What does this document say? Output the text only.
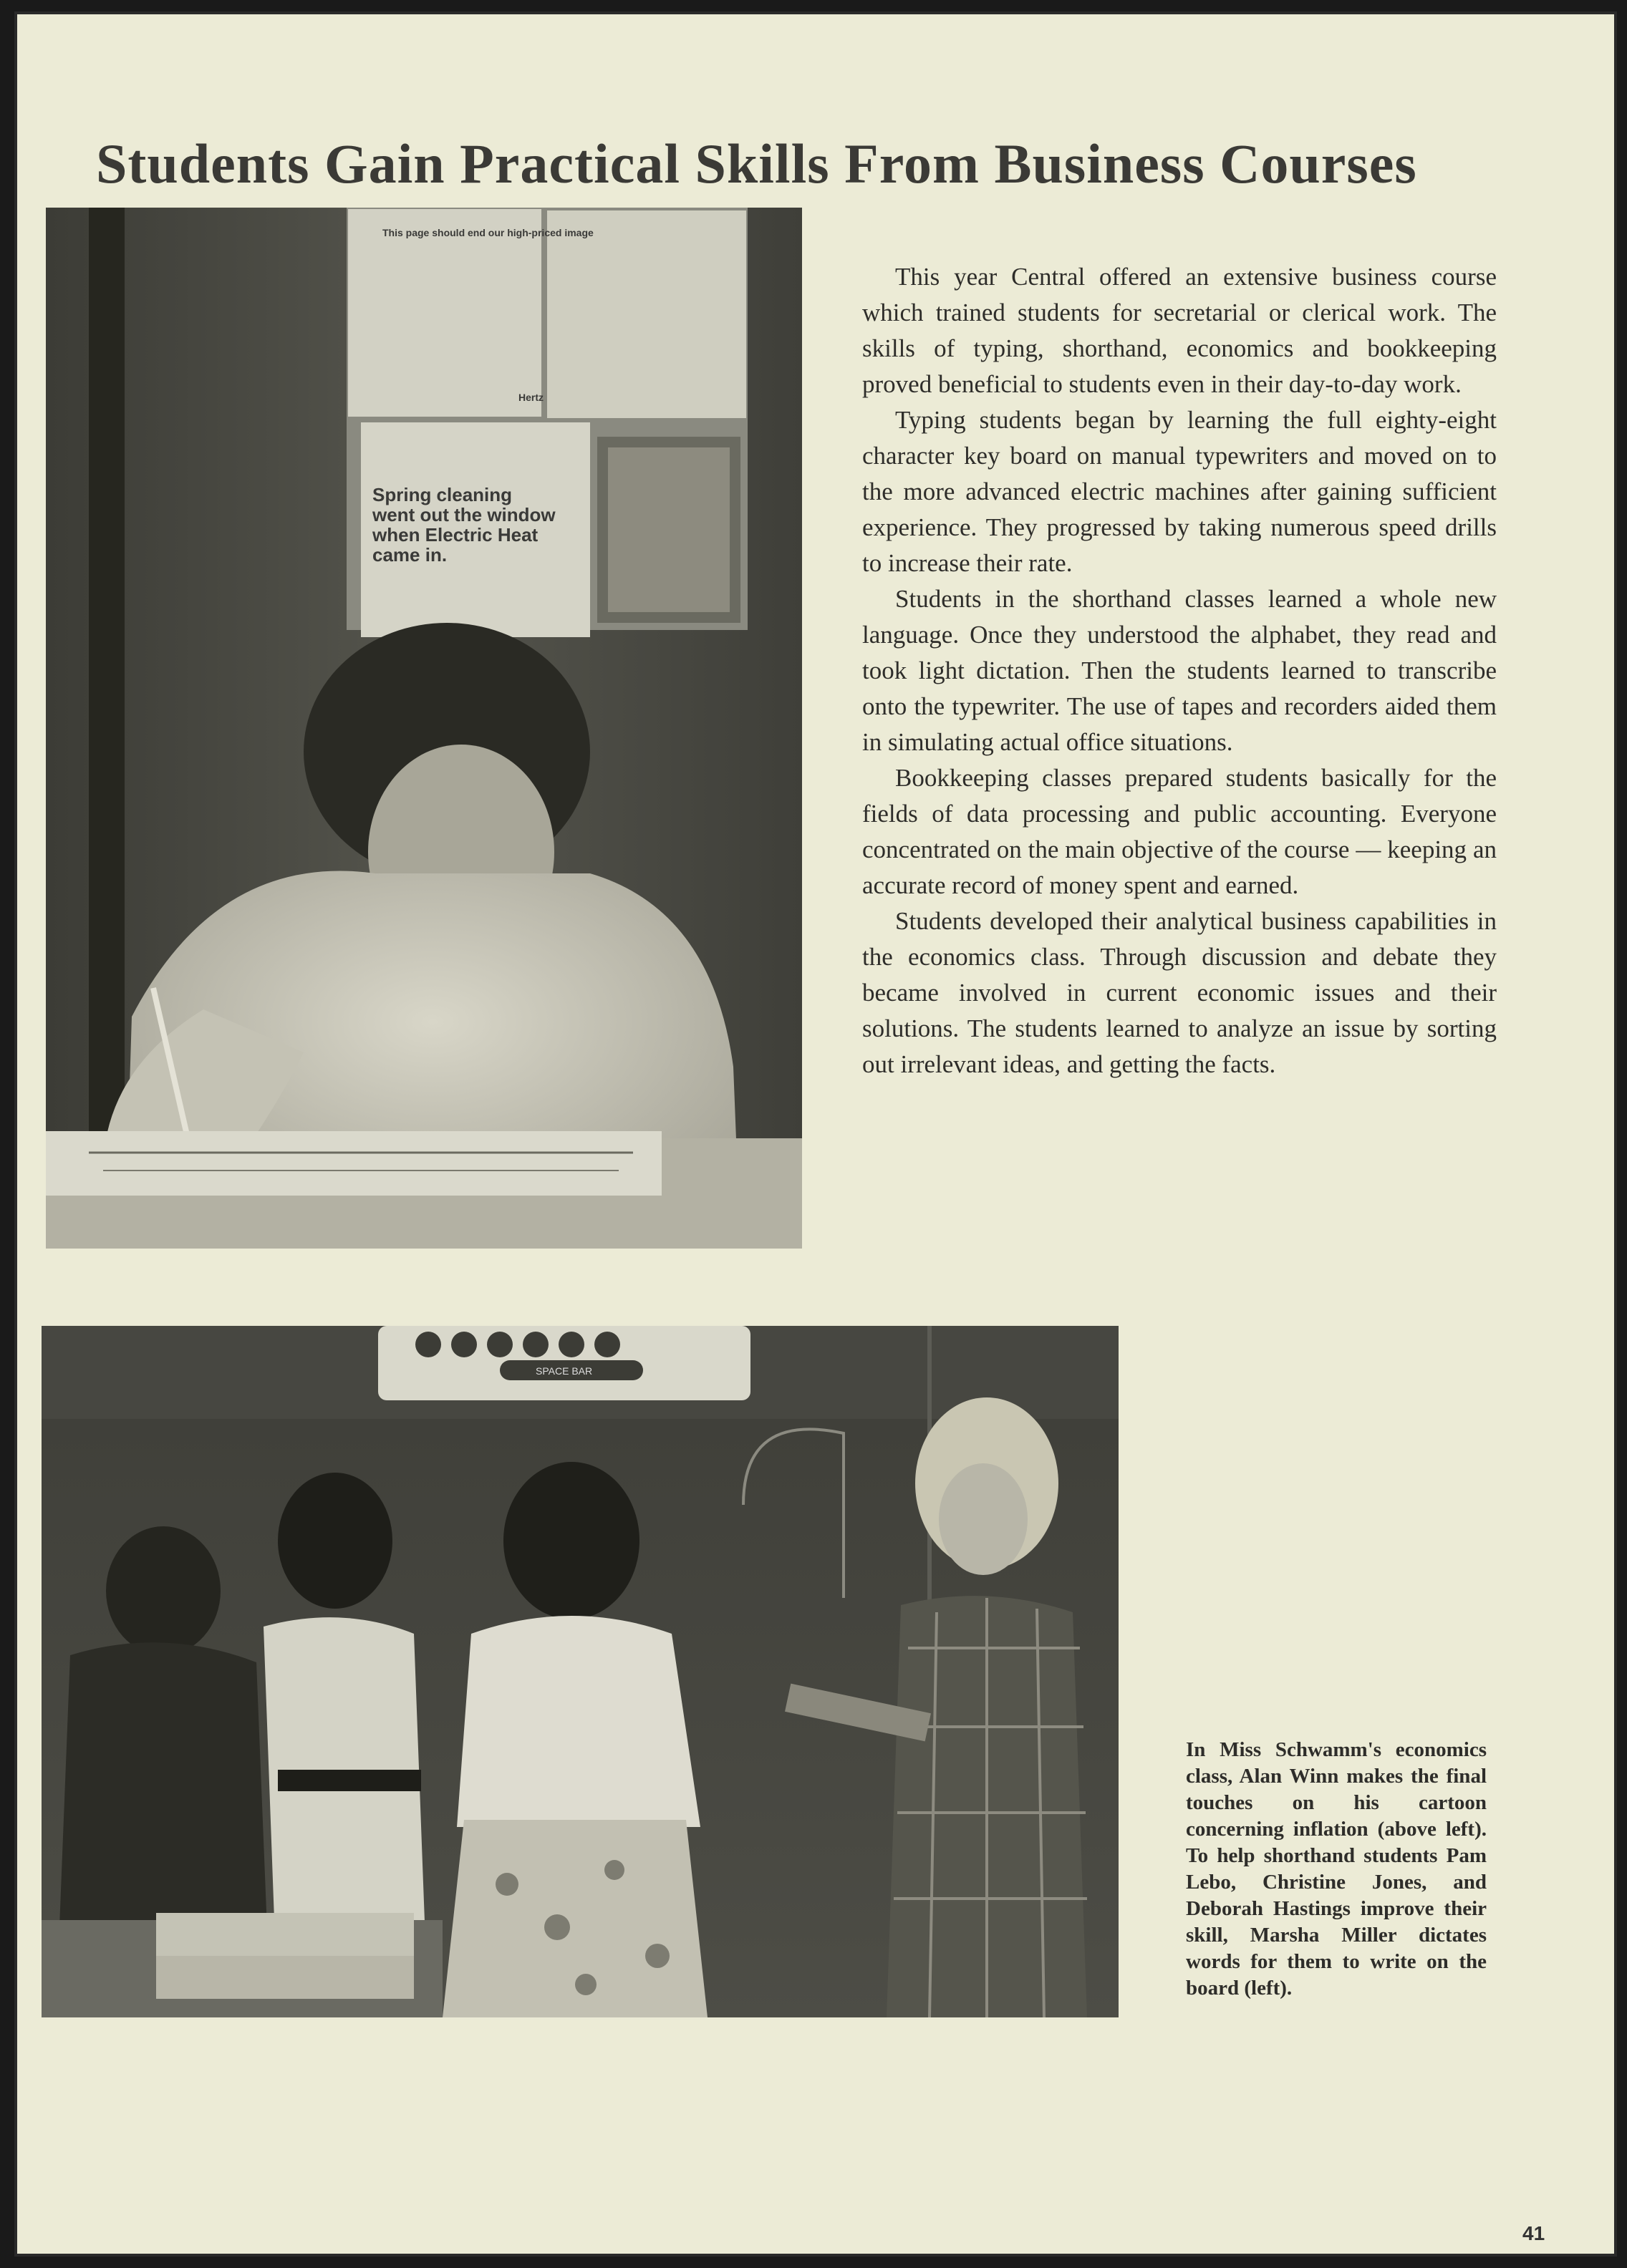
Students Gain Practical Skills From Business Courses
This page should end our high-priced image
Hertz
Spring cleaning
went out the window
when Electric Heat
came in.

This year Central offered an extensive business course which trained students for secretarial or clerical work. The skills of typing, shorthand, economics and bookkeeping proved beneficial to students even in their day-to-day work.

Typing students began by learning the full eighty-eight character key board on manual typewriters and moved on to the more advanced electric machines after gaining sufficient experience. They progressed by taking numerous speed drills to increase their rate.

Students in the shorthand classes learned a whole new language. Once they understood the alphabet, they read and took light dictation. Then the students learned to transcribe onto the typewriter. The use of tapes and recorders aided them in simulating actual office situations.

Bookkeeping classes prepared students basically for the fields of data processing and public accounting. Everyone concentrated on the main objective of the course — keeping an accurate record of money spent and earned.

Students developed their analytical business capabilities in the economics class. Through discussion and debate they became involved in current economic issues and their solutions. The students learned to analyze an issue by sorting out irrelevant ideas, and getting the facts.

SPACE BAR
In Miss Schwamm's economics class, Alan Winn makes the final touches on his cartoon concerning inflation (above left). To help shorthand students Pam Lebo, Christine Jones, and Deborah Hastings improve their skill, Marsha Miller dictates words for them to write on the board (left).
41
